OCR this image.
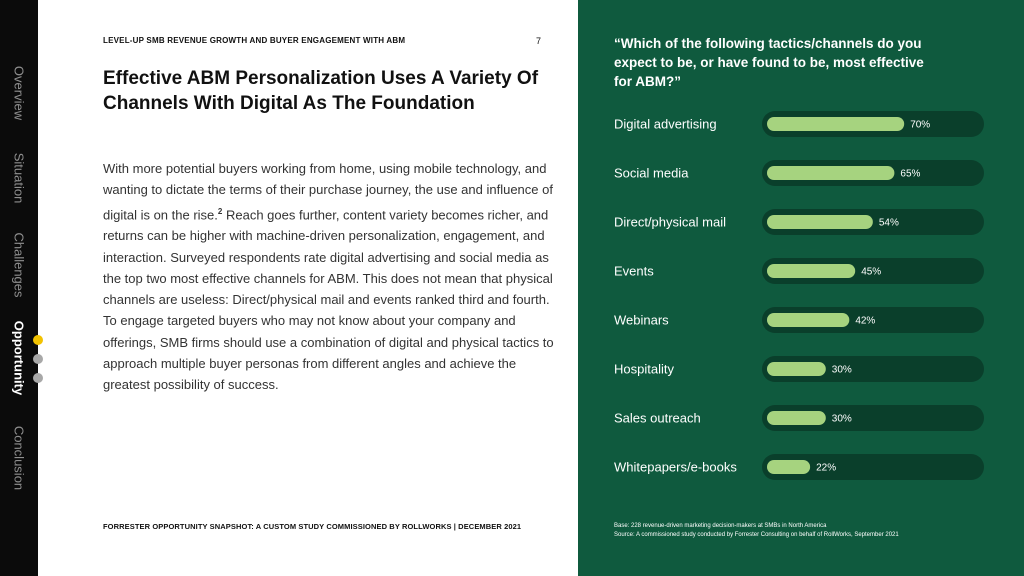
Overview
Situation
Challenges
Opportunity
Conclusion
LEVEL-UP SMB REVENUE GROWTH AND BUYER ENGAGEMENT WITH ABM	7
Effective ABM Personalization Uses A Variety Of Channels With Digital As The Foundation

With more potential buyers working from home, using mobile technology, and wanting to dictate the terms of their purchase journey, the use and influence of digital is on the rise.$^2$ Reach goes further, content variety becomes richer, and returns can be higher with machine-driven personalization, engagement, and interaction. Surveyed respondents rate digital advertising and social media as the top two most effective channels for ABM. This does not mean that physical channels are useless: Direct/physical mail and events ranked third and fourth. To engage targeted buyers who may not know about your company and offerings, SMB firms should use a combination of digital and physical tactics to approach multiple buyer personas from different angles and achieve the greatest possibility of success.

FORRESTER OPPORTUNITY SNAPSHOT: A CUSTOM STUDY COMMISSIONED BY ROLLWORKS | DECEMBER 2021

“Which of the following tactics/channels do you expect to be, or have found to be, most effective for ABM?”

Digital advertising	70%
Social media	65%
Direct/physical mail	54%
Events	45%
Webinars	42%
Hospitality	30%
Sales outreach	30%
Whitepapers/e-books	22%
Base: 228 revenue-driven marketing decision-makers at SMBs in North America
Source: A commissioned study conducted by Forrester Consulting on behalf of RollWorks, September 2021
